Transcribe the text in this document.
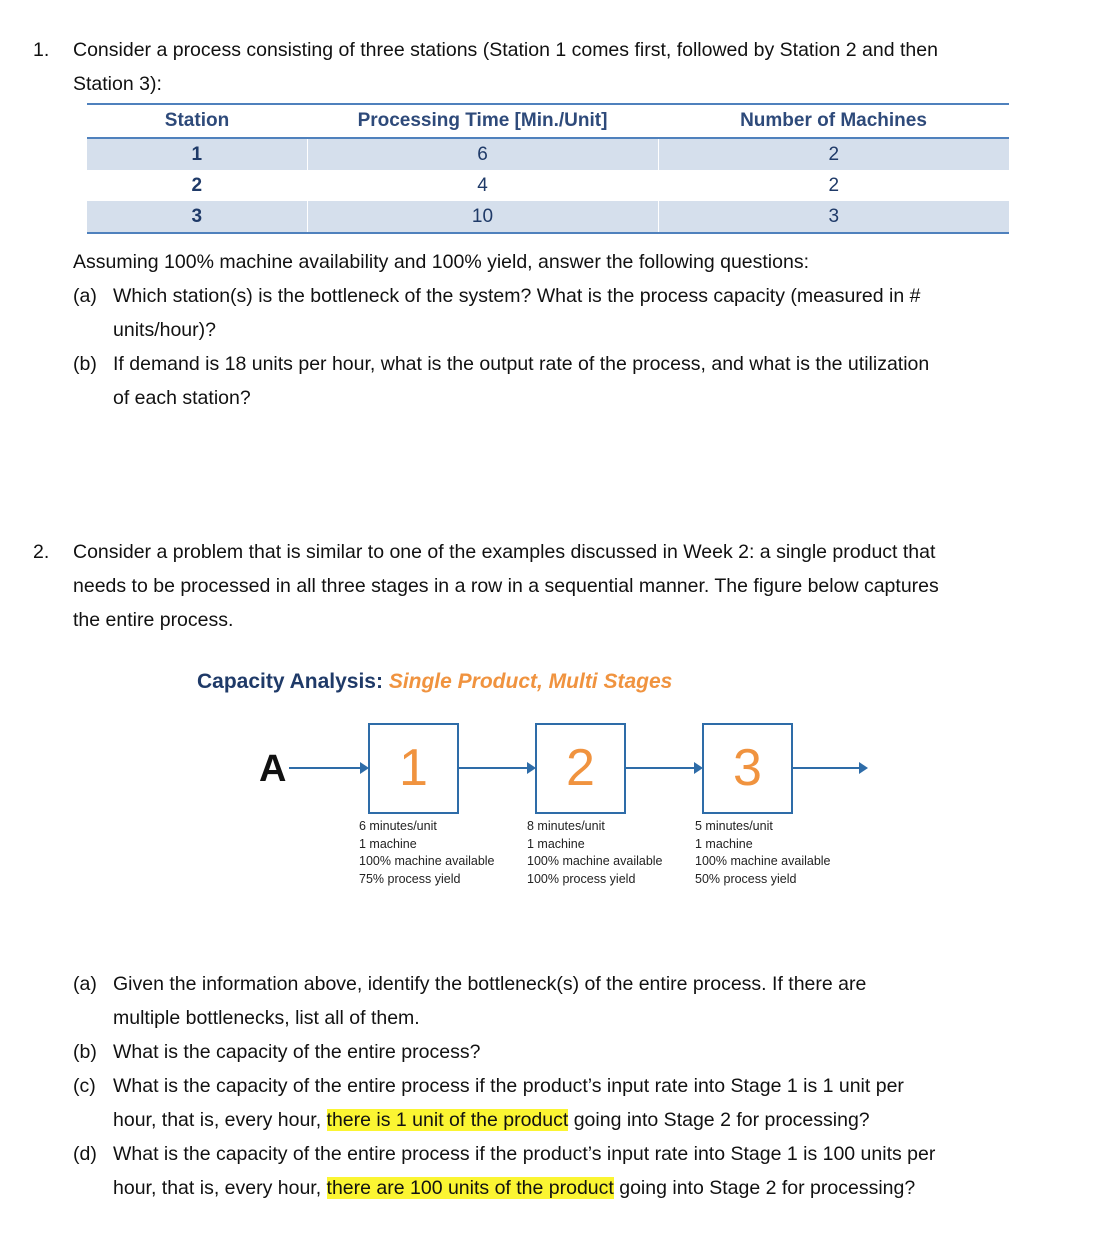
1. Consider a process consisting of three stations (Station 1 comes first, followed by Station 2 and then
Station 3):
Station	Processing Time [Min./Unit]	Number of Machines
1	6	2
2	4	2
3	10	3
Assuming 100% machine availability and 100% yield, answer the following questions:
(a) Which station(s) is the bottleneck of the system? What is the process capacity (measured in #
units/hour)?
(b) If demand is 18 units per hour, what is the output rate of the process, and what is the utilization
of each station?
2. Consider a problem that is similar to one of the examples discussed in Week 2: a single product that
needs to be processed in all three stages in a row in a sequential manner. The figure below captures
the entire process.
Capacity Analysis: Single Product, Multi Stages
A	1	2	3
6 minutes/unit
1 machine
100% machine available
75% process yield
8 minutes/unit
1 machine
100% machine available
100% process yield
5 minutes/unit
1 machine
100% machine available
50% process yield
(a) Given the information above, identify the bottleneck(s) of the entire process. If there are
multiple bottlenecks, list all of them.
(b) What is the capacity of the entire process?
(c) What is the capacity of the entire process if the product’s input rate into Stage 1 is 1 unit per
hour, that is, every hour, there is 1 unit of the product going into Stage 2 for processing?
(d) What is the capacity of the entire process if the product’s input rate into Stage 1 is 100 units per
hour, that is, every hour, there are 100 units of the product going into Stage 2 for processing?
